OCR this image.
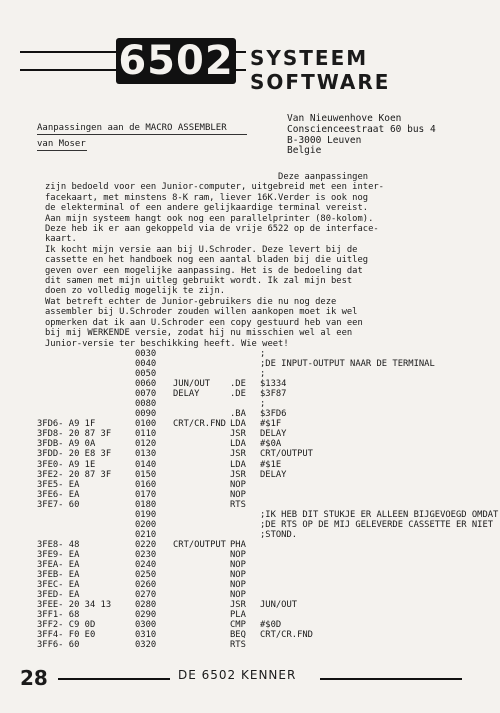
6502 SYSTEEM SOFTWARE
Aanpassingen aan de MACRO ASSEMBLER
van Moser
Van Nieuwenhove Koen
Conscienceestraat 60 bus 4
B-3000 Leuven
Belgie
Deze aanpassingen
zijn bedoeld voor een Junior-computer, uitgebreid met een inter-
facekaart, met minstens 8-K ram, liever 16K.Verder is ook nog
de elekterminal of een andere gelijkaardige terminal vereist.
Aan mijn systeem hangt ook nog een parallelprinter (80-kolom).
Deze heb ik er aan gekoppeld via de vrije 6522 op de interface-
kaart.
Ik kocht mijn versie aan bij U.Schroder. Deze levert bij de
cassette en het handboek nog een aantal bladen bij die uitleg
geven over een mogelijke aanpassing. Het is de bedoeling dat
dit samen met mijn uitleg gebruikt wordt. Ik zal mijn best
doen zo volledig mogelijk te zijn.
Wat betreft echter de Junior-gebruikers die nu nog deze
assembler bij U.Schroder zouden willen aankopen moet ik wel
opmerken dat ik aan U.Schroder een copy gestuurd heb van een
bij mij WERKENDE versie, zodat hij nu misschien wel al een
Junior-versie ter beschikking heeft. Wie weet!
0030	;
0040	;DE INPUT-OUTPUT NAAR DE TERMINAL
0050	;
0060	JUN/OUT	.DE	$1334
0070	DELAY	.DE	$3F87
0080	;
0090	.BA	$3FD6
3FD6- A9 1F	0100	CRT/CR.FND LDA	#$1F
3FD8- 20 87 3F	0110	JSR	DELAY
3FDB- A9 0A	0120	LDA	#$0A
3FDD- 20 E8 3F	0130	JSR	CRT/OUTPUT
3FE0- A9 1E	0140	LDA	#$1E
3FE2- 20 87 3F	0150	JSR	DELAY
3FE5- EA	0160	NOP
3FE6- EA	0170	NOP
3FE7- 60	0180	RTS
0190	;IK HEB DIT STUKJE ER ALLEEN BIJGEVOEGD OMDAT
0200	;DE RTS OP DE MIJ GELEVERDE CASSETTE ER NIET
0210	;STOND.
3FE8- 48	0220	CRT/OUTPUT PHA
3FE9- EA	0230	NOP
3FEA- EA	0240	NOP
3FEB- EA	0250	NOP
3FEC- EA	0260	NOP
3FED- EA	0270	NOP
3FEE- 20 34 13	0280	JSR	JUN/OUT
3FF1- 68	0290	PLA
3FF2- C9 0D	0300	CMP	#$0D
3FF4- F0 E0	0310	BEQ	CRT/CR.FND
3FF6- 60	0320	RTS
28	DE 6502 KENNER
